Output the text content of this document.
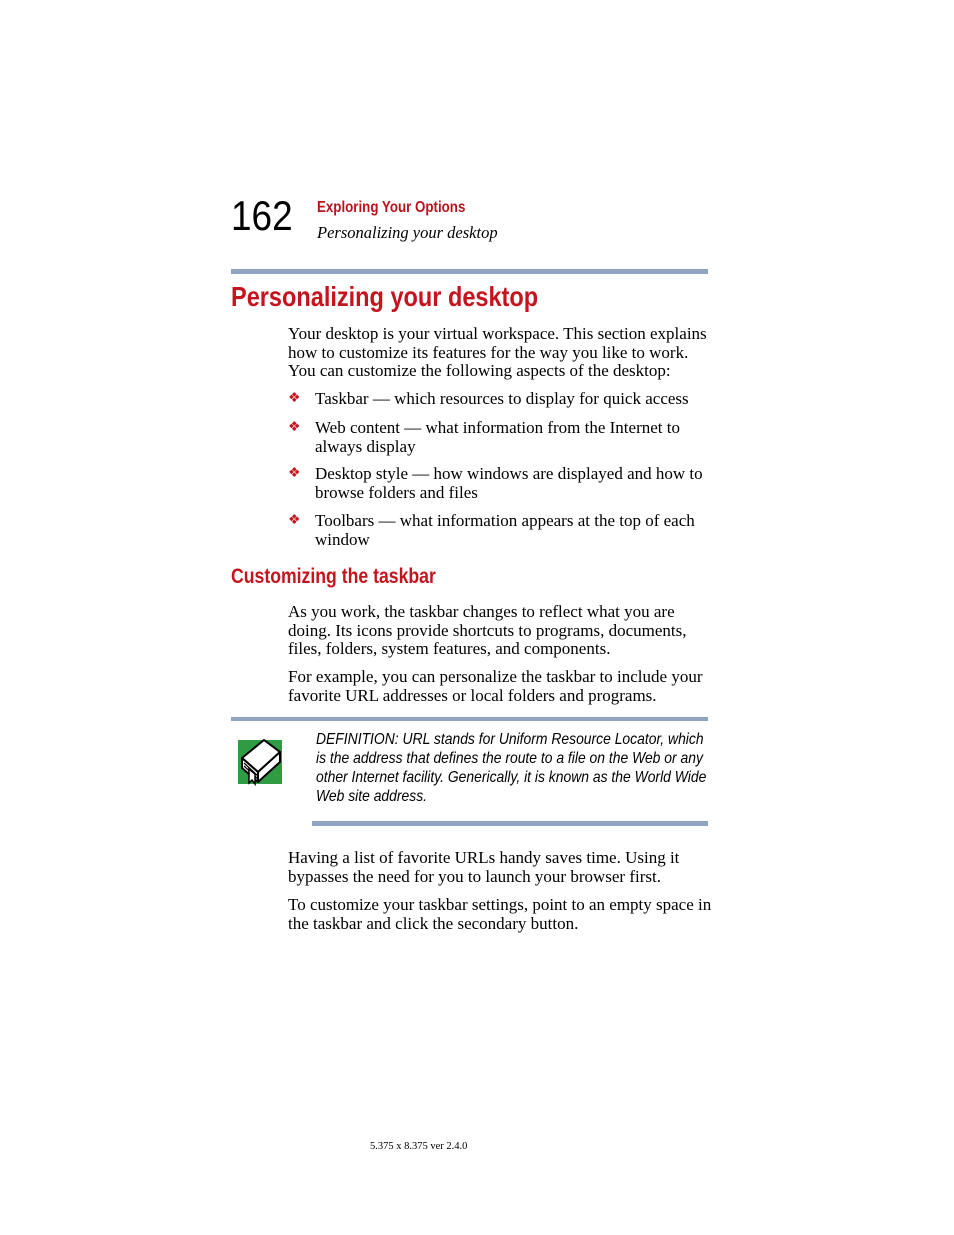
162 Exploring Your Options
Personalizing your desktop
Personalizing your desktop
Your desktop is your virtual workspace. This section explains how to customize its features for the way you like to work. You can customize the following aspects of the desktop:
❖ Taskbar — which resources to display for quick access
❖ Web content — what information from the Internet to always display
❖ Desktop style — how windows are displayed and how to browse folders and files
❖ Toolbars — what information appears at the top of each window
Customizing the taskbar
As you work, the taskbar changes to reflect what you are doing. Its icons provide shortcuts to programs, documents, files, folders, system features, and components.
For example, you can personalize the taskbar to include your favorite URL addresses or local folders and programs.
DEFINITION: URL stands for Uniform Resource Locator, which is the address that defines the route to a file on the Web or any other Internet facility. Generically, it is known as the World Wide Web site address.
Having a list of favorite URLs handy saves time. Using it bypasses the need for you to launch your browser first.
To customize your taskbar settings, point to an empty space in the taskbar and click the secondary button.
5.375 x 8.375 ver 2.4.0
